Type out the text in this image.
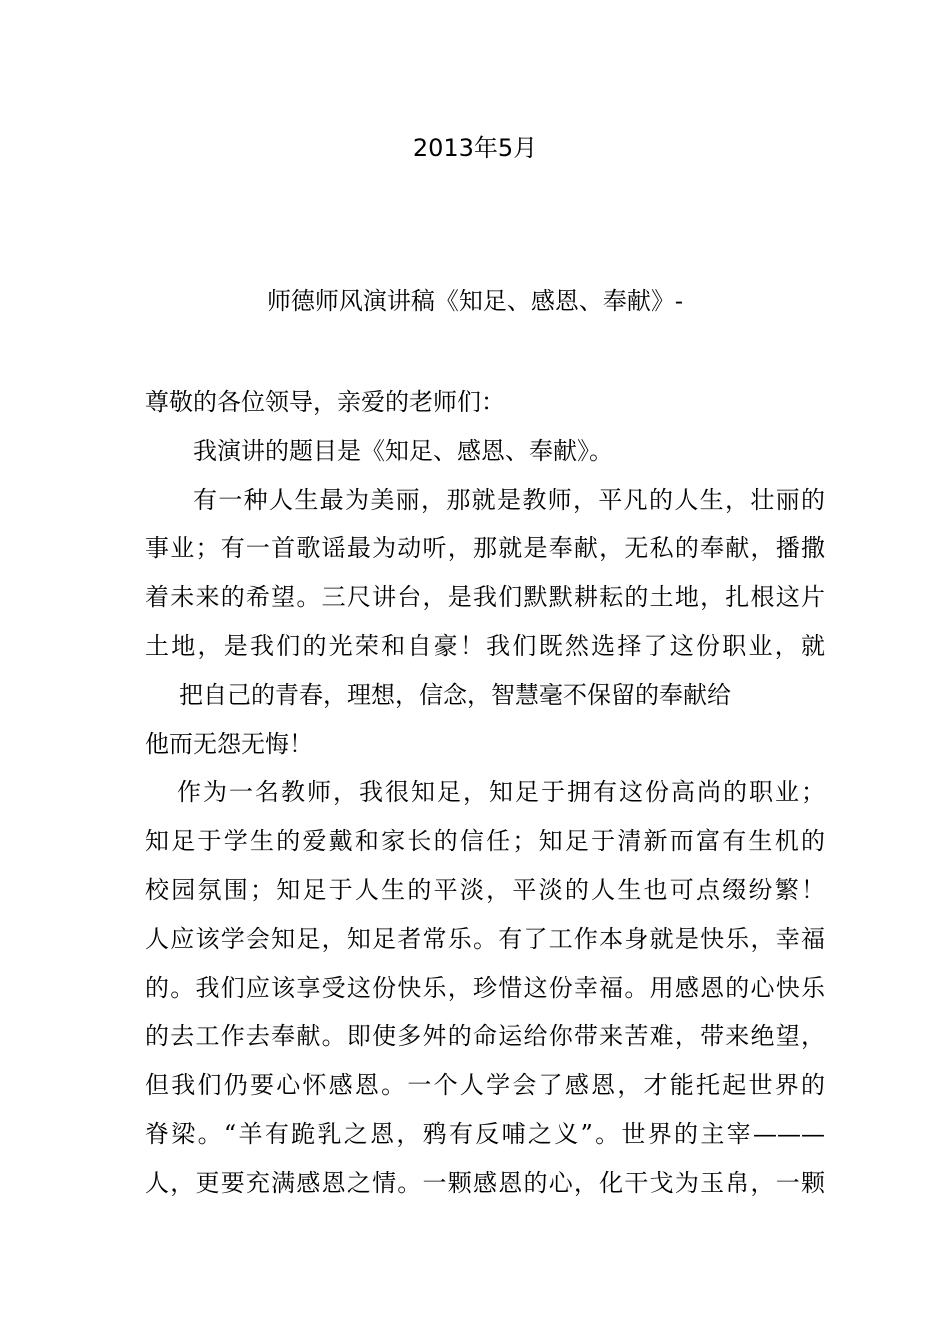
2013年5月
师德师风演讲稿《知足、感恩、奉献》-
尊敬的各位领导，亲爱的老师们：
我演讲的题目是《知足、感恩、奉献》。
有一种人生最为美丽，那就是教师，平凡的人生，壮丽的
事业；有一首歌谣最为动听，那就是奉献，无私的奉献，播撒
着未来的希望。三尺讲台，是我们默默耕耘的土地，扎根这片
土地，是我们的光荣和自豪！我们既然选择了这份职业，就
把自己的青春，理想，信念，智慧毫不保留的奉献给
他而无怨无悔！
作为一名教师，我很知足，知足于拥有这份高尚的职业；
知足于学生的爱戴和家长的信任；知足于清新而富有生机的
校园氛围；知足于人生的平淡，平淡的人生也可点缀纷繁！
人应该学会知足，知足者常乐。有了工作本身就是快乐，幸福
的。我们应该享受这份快乐，珍惜这份幸福。用感恩的心快乐
的去工作去奉献。即使多舛的命运给你带来苦难，带来绝望，
但我们仍要心怀感恩。一个人学会了感恩，才能托起世界的
脊梁。“羊有跪乳之恩，鸦有反哺之义”。世界的主宰———
人，更要充满感恩之情。一颗感恩的心，化干戈为玉帛，一颗
